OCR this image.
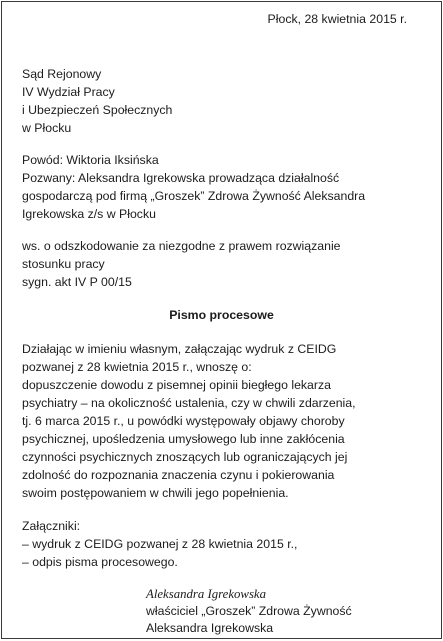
Płock, 28 kwietnia 2015 r.
Sąd Rejonowy
IV Wydział Pracy
i Ubezpieczeń Społecznych
w Płocku
Powód: Wiktoria Iksińska
Pozwany: Aleksandra Igrekowska prowadząca działalność
gospodarczą pod firmą „Groszek” Zdrowa Żywność Aleksandra
Igrekowska z/s w Płocku
ws. o odszkodowanie za niezgodne z prawem rozwiązanie
stosunku pracy
sygn. akt IV P 00/15
Pismo procesowe
Działając w imieniu własnym, załączając wydruk z CEIDG
pozwanej z 28 kwietnia 2015 r., wnoszę o:
dopuszczenie dowodu z pisemnej opinii biegłego lekarza
psychiatry – na okoliczność ustalenia, czy w chwili zdarzenia,
tj. 6 marca 2015 r., u powódki występowały objawy choroby
psychicznej, upośledzenia umysłowego lub inne zakłócenia
czynności psychicznych znoszących lub ograniczających jej
zdolność do rozpoznania znaczenia czynu i pokierowania
swoim postępowaniem w chwili jego popełnienia.
Załączniki:
– wydruk z CEIDG pozwanej z 28 kwietnia 2015 r.,
– odpis pisma procesowego.
Aleksandra Igrekowska
właściciel „Groszek” Zdrowa Żywność
Aleksandra Igrekowska
